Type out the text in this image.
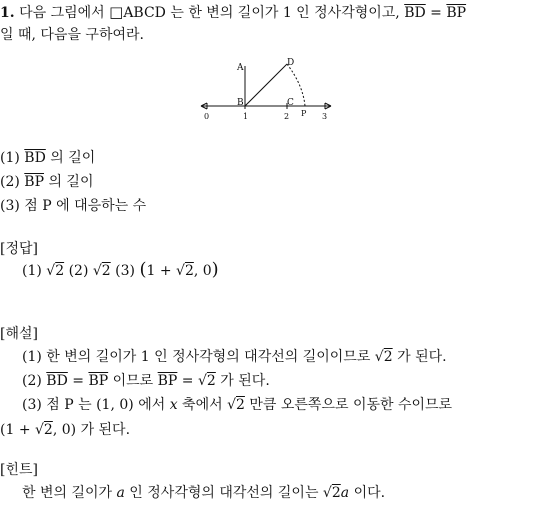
1. 다음 그림에서 □ABCD 는 한 변의 길이가 1 인 정사각형이고, $\overline{BD} = \overline{BP}$
일 때, 다음을 구하여라.
A	D
B	C
P
0	1	2	3
(1) $\overline{BD}$ 의 길이
(2) $\overline{BP}$ 의 길이
(3) 점 P 에 대응하는 수
[정답]
(1) √2 (2) √2 (3) (1 + √2, 0)
[해설]
(1) 한 변의 길이가 1 인 정사각형의 대각선의 길이이므로 √2 가 된다.
(2) $\overline{BD} = \overline{BP}$ 이므로 $\overline{BP} = √2$ 가 된다.
(3) 점 P 는 (1, 0) 에서 x 축에서 √2 만큼 오른쪽으로 이동한 수이므로
(1 + √2, 0) 가 된다.
[힌트]
한 변의 길이가 a 인 정사각형의 대각선의 길이는 √2a 이다.
